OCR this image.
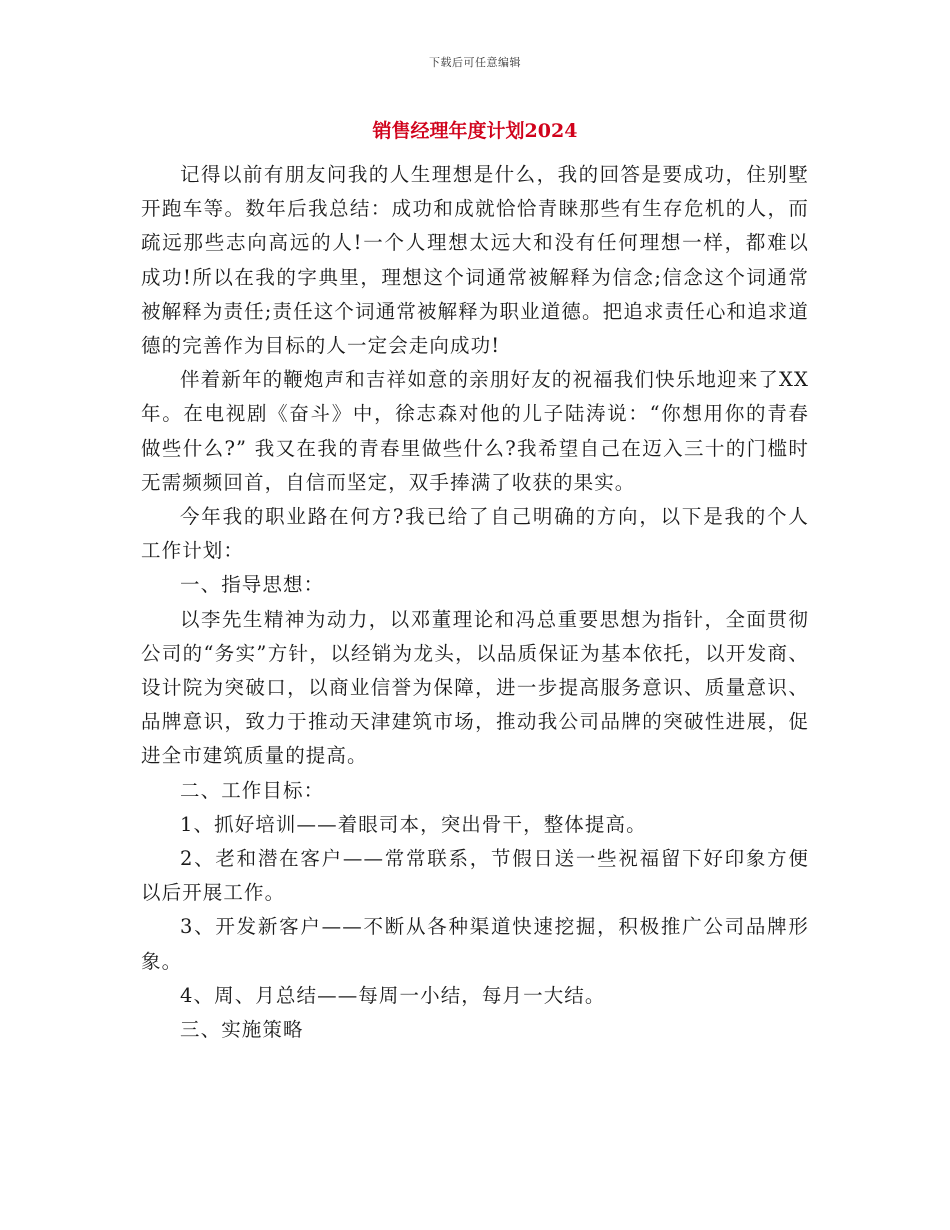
下载后可任意编辑
销售经理年度计划2024

记得以前有朋友问我的人生理想是什么，我的回答是要成功，住别墅开跑车等。数年后我总结：成功和成就恰恰青睐那些有生存危机的人，而疏远那些志向高远的人!一个人理想太远大和没有任何理想一样，都难以成功!所以在我的字典里，理想这个词通常被解释为信念;信念这个词通常被解释为责任;责任这个词通常被解释为职业道德。把追求责任心和追求道德的完善作为目标的人一定会走向成功!

伴着新年的鞭炮声和吉祥如意的亲朋好友的祝福我们快乐地迎来了XX年。在电视剧《奋斗》中，徐志森对他的儿子陆涛说：“你想用你的青春做些什么?” 我又在我的青春里做些什么?我希望自己在迈入三十的门槛时无需频频回首，自信而坚定，双手捧满了收获的果实。

今年我的职业路在何方?我已给了自己明确的方向，以下是我的个人工作计划：

一、指导思想：

以李先生精神为动力，以邓董理论和冯总重要思想为指针，全面贯彻公司的“务实”方针，以经销为龙头，以品质保证为基本依托，以开发商、设计院为突破口，以商业信誉为保障，进一步提高服务意识、质量意识、品牌意识，致力于推动天津建筑市场，推动我公司品牌的突破性进展，促进全市建筑质量的提高。

二、工作目标：

1、抓好培训——着眼司本，突出骨干，整体提高。

2、老和潜在客户——常常联系，节假日送一些祝福留下好印象方便以后开展工作。

3、开发新客户——不断从各种渠道快速挖掘，积极推广公司品牌形象。

4、周、月总结——每周一小结，每月一大结。

三、实施策略
